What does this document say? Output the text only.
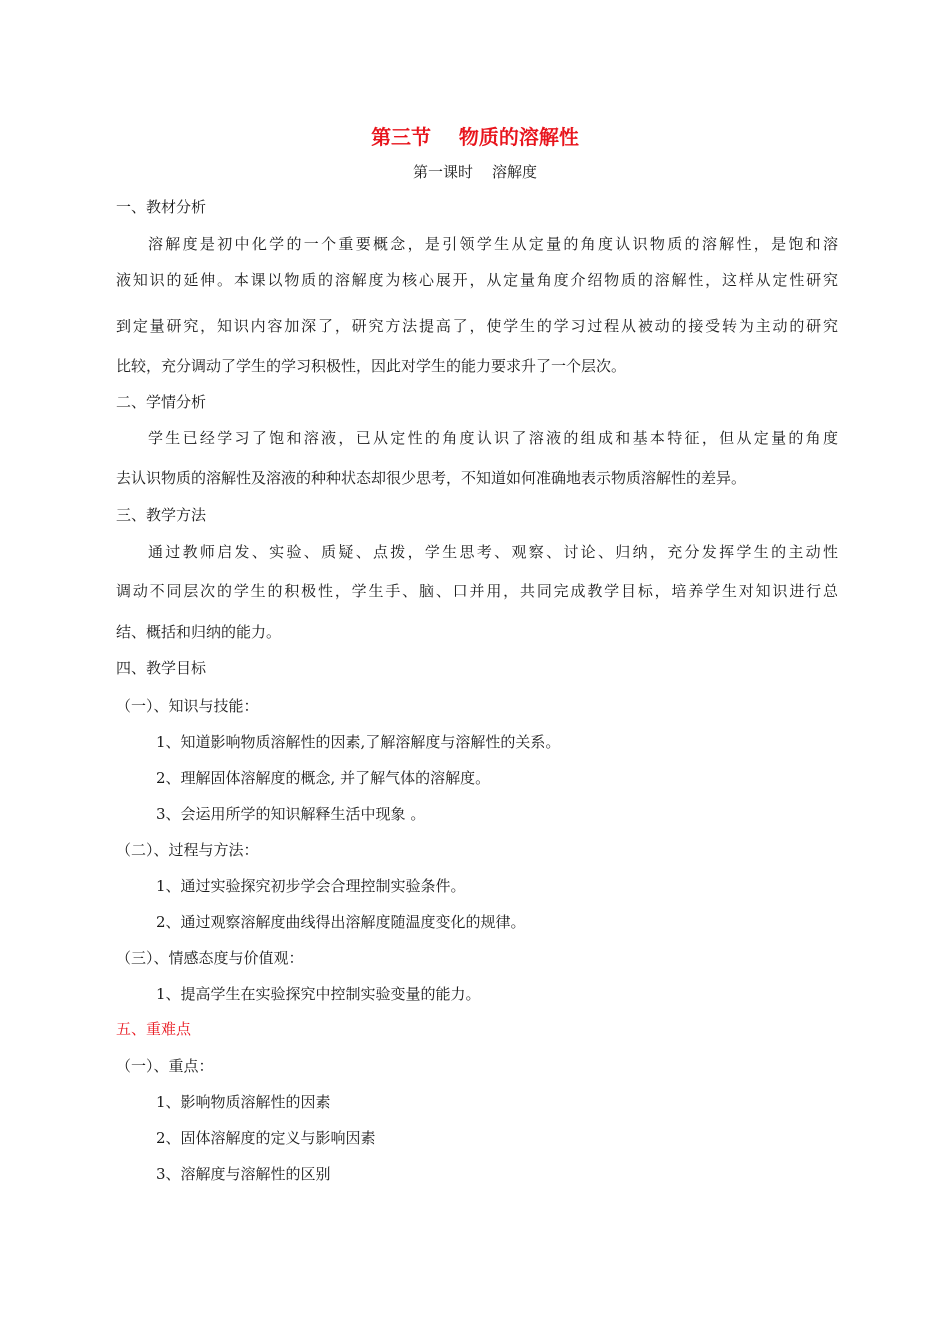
第三节    物质的溶解性
第一课时    溶解度
一、教材分析
溶解度是初中化学的一个重要概念，是引领学生从定量的角度认识物质的溶解性，是饱和溶
液知识的延伸。本课以物质的溶解度为核心展开，从定量角度介绍物质的溶解性，这样从定性研究
到定量研究，知识内容加深了，研究方法提高了，使学生的学习过程从被动的接受转为主动的研究
比较，充分调动了学生的学习积极性，因此对学生的能力要求升了一个层次。
二、学情分析
学生已经学习了饱和溶液，已从定性的角度认识了溶液的组成和基本特征，但从定量的角度
去认识物质的溶解性及溶液的种种状态却很少思考，不知道如何准确地表示物质溶解性的差异。
三、教学方法
通过教师启发、实验、质疑、点拨，学生思考、观察、讨论、归纳，充分发挥学生的主动性
调动不同层次的学生的积极性，学生手、脑、口并用，共同完成教学目标，培养学生对知识进行总
结、概括和归纳的能力。
四、教学目标
（一）、知识与技能：
1、知道影响物质溶解性的因素,了解溶解度与溶解性的关系。
2、理解固体溶解度的概念, 并了解气体的溶解度。
3、会运用所学的知识解释生活中现象 。
（二）、过程与方法：
1、通过实验探究初步学会合理控制实验条件。
2、通过观察溶解度曲线得出溶解度随温度变化的规律。
（三）、情感态度与价值观：
1、提高学生在实验探究中控制实验变量的能力。
五、重难点
（一）、重点：
1、影响物质溶解性的因素
2、固体溶解度的定义与影响因素
3、溶解度与溶解性的区别
